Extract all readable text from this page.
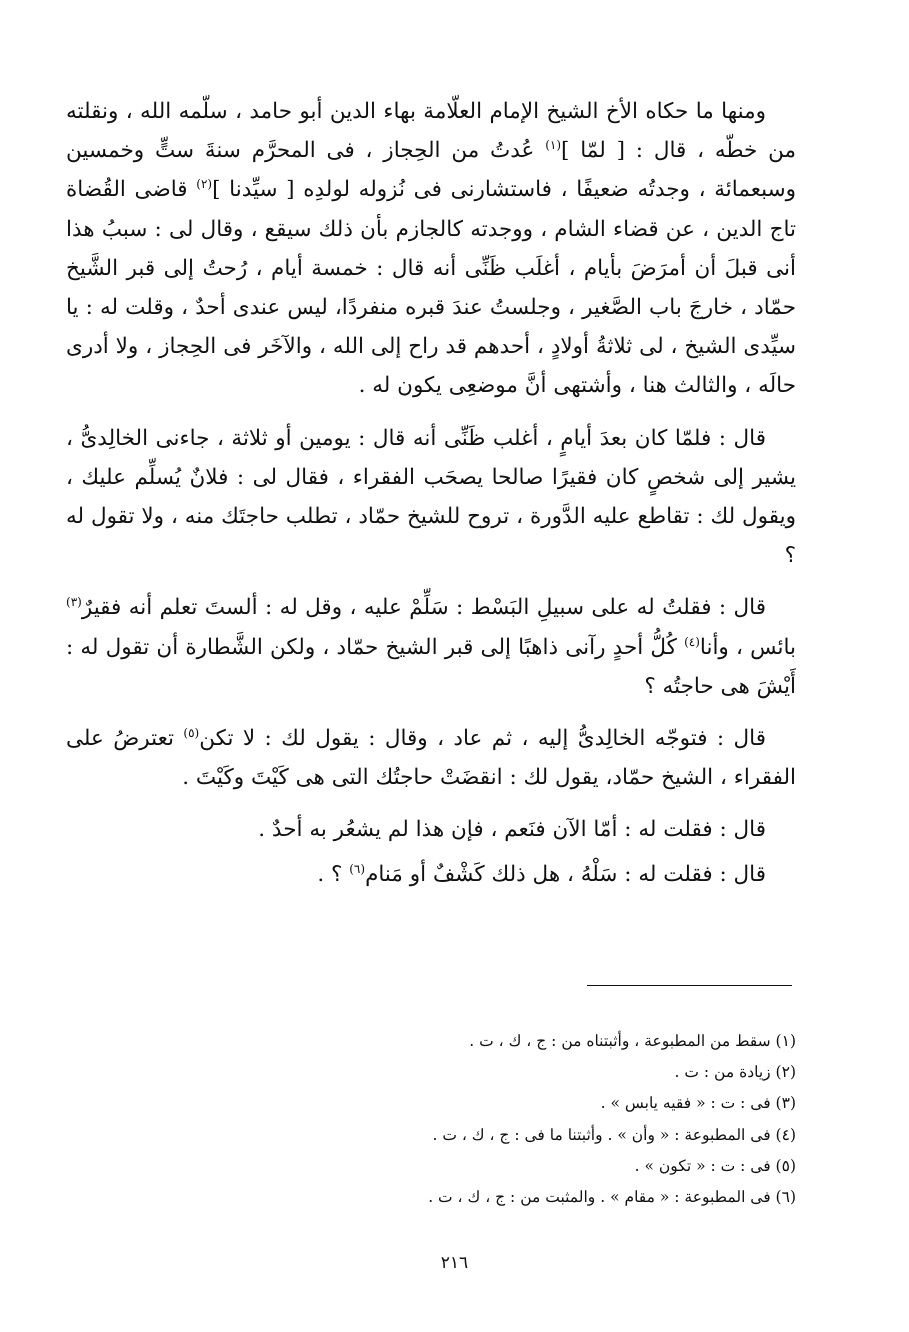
ومنها ما حكاه الأخ الشيخ الإمام العلّامة بهاء الدين أبو حامد ، سلّمه الله ، ونقلته من خطّه ، قال : [ لمّا ]$^{(١)}$ عُدتُ من الحِجاز ، فى المحرَّم سنةَ ستٍّ وخمسين وسبعمائة ، وجدتُه ضعيفًا ، فاستشارنى فى نُزوله لولدِه [ سيِّدنا ]$^{(٢)}$ قاضى القُضاة تاج الدين ، عن قضاء الشام ، ووجدته كالجازم بأن ذلك سيقع ، وقال لى : سببُ هذا أنى قبلَ أن أمرَضَ بأيام ، أغلَب ظَنِّى أنه قال : خمسة أيام ، رُحتُ إلى قبر الشَّيخ حمّاد ، خارجَ باب الصَّغير ، وجلستُ عندَ قبره منفردًا، ليس عندى أحدٌ ، وقلت له : يا سيِّدى الشيخ ، لى ثلاثةُ أولادٍ ، أحدهم قد راح إلى الله ، والآخَر فى الحِجاز ، ولا أدرى حالَه ، والثالث هنا ، وأشتهى أنَّ موضعِى يكون له .

قال : فلمّا كان بعدَ أيامٍ ، أغلب ظَنِّى أنه قال : يومين أو ثلاثة ، جاءنى الخالِدىُّ ، يشير إلى شخصٍ كان فقيرًا صالحا يصحَب الفقراء ، فقال لى : فلانٌ يُسلِّم عليك ، ويقول لك : تقاطع عليه الدَّورة ، تروح للشيخ حمّاد ، تطلب حاجتَك منه ، ولا تقول له ؟

قال : فقلتُ له على سبيلِ البَسْط : سَلِّمْ عليه ، وقل له : ألستَ تعلم أنه فقيرٌ$^{(٣)}$ بائس ، وأنا$^{(٤)}$ كُلُّ أحدٍ رآنى ذاهبًا إلى قبر الشيخ حمّاد ، ولكن الشَّطارة أن تقول له : أَيْشَ هى حاجتُه ؟

قال : فتوجّه الخالِدىُّ إليه ، ثم عاد ، وقال : يقول لك : لا تكن$^{(٥)}$ تعترضُ على الفقراء ، الشيخ حمّاد، يقول لك : انقضَتْ حاجتُك التى هى كَيْتَ وكَيْتَ .

قال : فقلت له : أمّا الآن فنَعم ، فإن هذا لم يشعُر به أحدٌ .

قال : فقلت له : سَلْهُ ، هل ذلك كَشْفٌ أو مَنام$^{(٦)}$ ؟ .

(١) سقط من المطبوعة ، وأثبتناه من : ج ، ك ، ت .

(٢) زيادة من : ت .

(٣) فى : ت : « فقيه يابس » .

(٤) فى المطبوعة : « وأن » . وأثبتنا ما فى : ج ، ك ، ت .

(٥) فى : ت : « تكون » .

(٦) فى المطبوعة : « مقام » . والمثبت من : ج ، ك ، ت .

٢١٦
